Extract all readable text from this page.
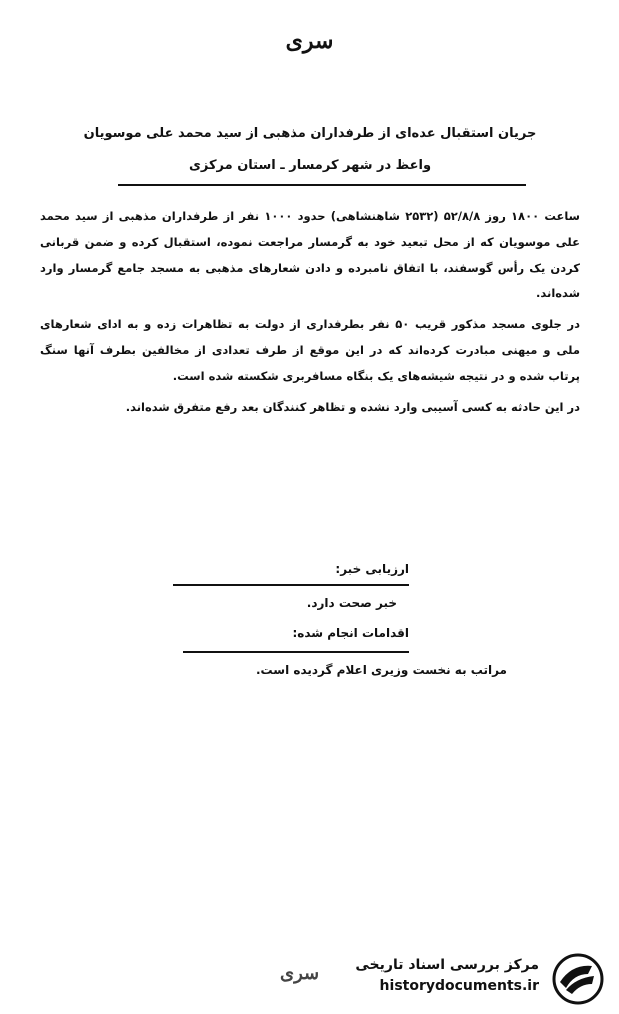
سری
جریان استقبال عده‌ای از طرفداران مذهبی از سید محمد علی موسویان
واعظ در شهر کرمسار ـ استان مرکزی

ساعت ۱۸۰۰ روز ۵۲/۸/۸ (۲۵۳۲ شاهنشاهی) حدود ۱۰۰۰ نفر از طرفداران مذهبی از سید محمد علی موسویان که از محل تبعید خود به گرمسار مراجعت نموده، استقبال کرده و ضمن قربانی کردن یک رأس گوسفند، با اتفاق نامبرده و دادن شعارهای مذهبی به مسجد جامع گرمسار وارد شده‌اند.

در جلوی مسجد مذکور قریب ۵۰ نفر بطرفداری از دولت به تظاهرات زده و به ادای شعارهای ملی و میهنی مبادرت کرده‌اند که در این موقع از طرف تعدادی از مخالفین بطرف آنها سنگ پرتاب شده و در نتیجه شیشه‌های یک بنگاه مسافربری شکسته شده است.

در این حادثه به کسی آسیبی وارد نشده و تظاهر کنندگان بعد رفع متفرق شده‌اند.

ارزیابی خبر:
خبر صحت دارد.
اقدامات انجام شده:
مراتب به نخست وزیری اعلام گردیده است.
سری	مرکز بررسی اسناد تاریخی
historydocuments.ir
